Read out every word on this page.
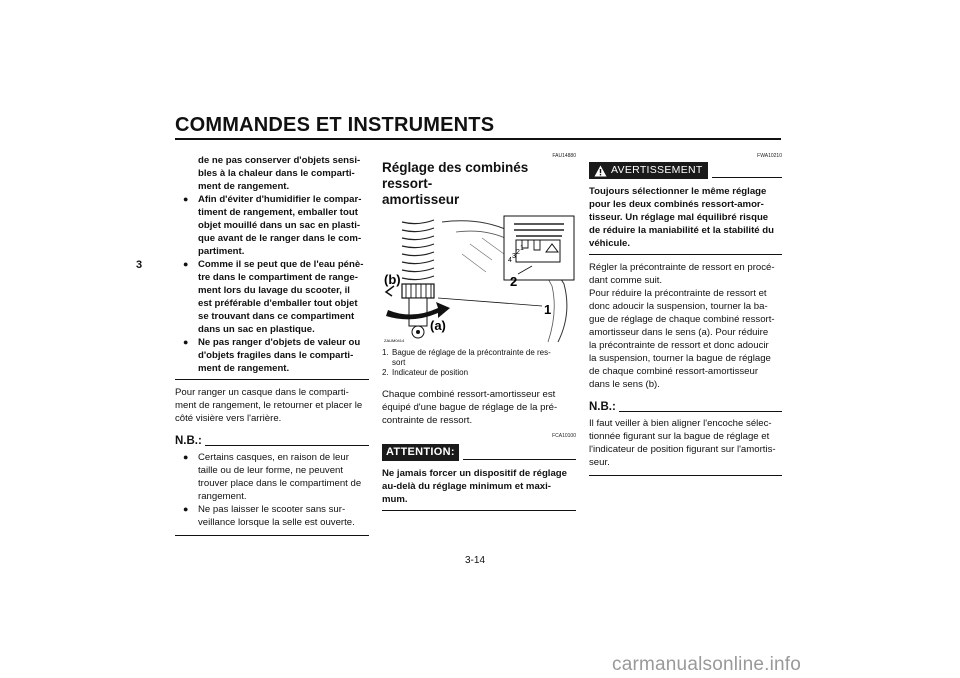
COMMANDES ET INSTRUMENTS
3
de ne pas conserver d'objets sensi-
bles à la chaleur dans le comparti-
ment de rangement.
● Afin d'éviter d'humidifier le compar-
timent de rangement, emballer tout
objet mouillé dans un sac en plasti-
que avant de le ranger dans le com-
partiment.
● Comme il se peut que de l'eau pénè-
tre dans le compartiment de range-
ment lors du lavage du scooter, il
est préférable d'emballer tout objet
se trouvant dans ce compartiment
dans un sac en plastique.
● Ne pas ranger d'objets de valeur ou
d'objets fragiles dans le comparti-
ment de rangement.
Pour ranger un casque dans le comparti-
ment de rangement, le retourner et placer le
côté visière vers l'arrière.
N.B.:
● Certains casques, en raison de leur
taille ou de leur forme, ne peuvent
trouver place dans le compartiment de
rangement.
● Ne pas laisser le scooter sans sur-
veillance lorsque la selle est ouverte.
FAU14880
Réglage des combinés ressort-
amortisseur
(b)
(a)
4
3
2
1
2
1
ZAUM0414
1. Bague de réglage de la précontrainte de res-
sort
2. Indicateur de position
Chaque combiné ressort-amortisseur est
équipé d'une bague de réglage de la pré-
contrainte de ressort.
FCA10100
ATTENTION:
Ne jamais forcer un dispositif de réglage
au-delà du réglage minimum et maxi-
mum.
FWA10210
AVERTISSEMENT
Toujours sélectionner le même réglage
pour les deux combinés ressort-amor-
tisseur. Un réglage mal équilibré risque
de réduire la maniabilité et la stabilité du
véhicule.
Régler la précontrainte de ressort en procé-
dant comme suit.
Pour réduire la précontrainte de ressort et
donc adoucir la suspension, tourner la ba-
gue de réglage de chaque combiné ressort-
amortisseur dans le sens (a). Pour réduire
la précontrainte de ressort et donc adoucir
la suspension, tourner la bague de réglage
de chaque combiné ressort-amortisseur
dans le sens (b).
N.B.:
Il faut veiller à bien aligner l'encoche sélec-
tionnée figurant sur la bague de réglage et
l'indicateur de position figurant sur l'amortis-
seur.
3-14
carmanualsonline.info
